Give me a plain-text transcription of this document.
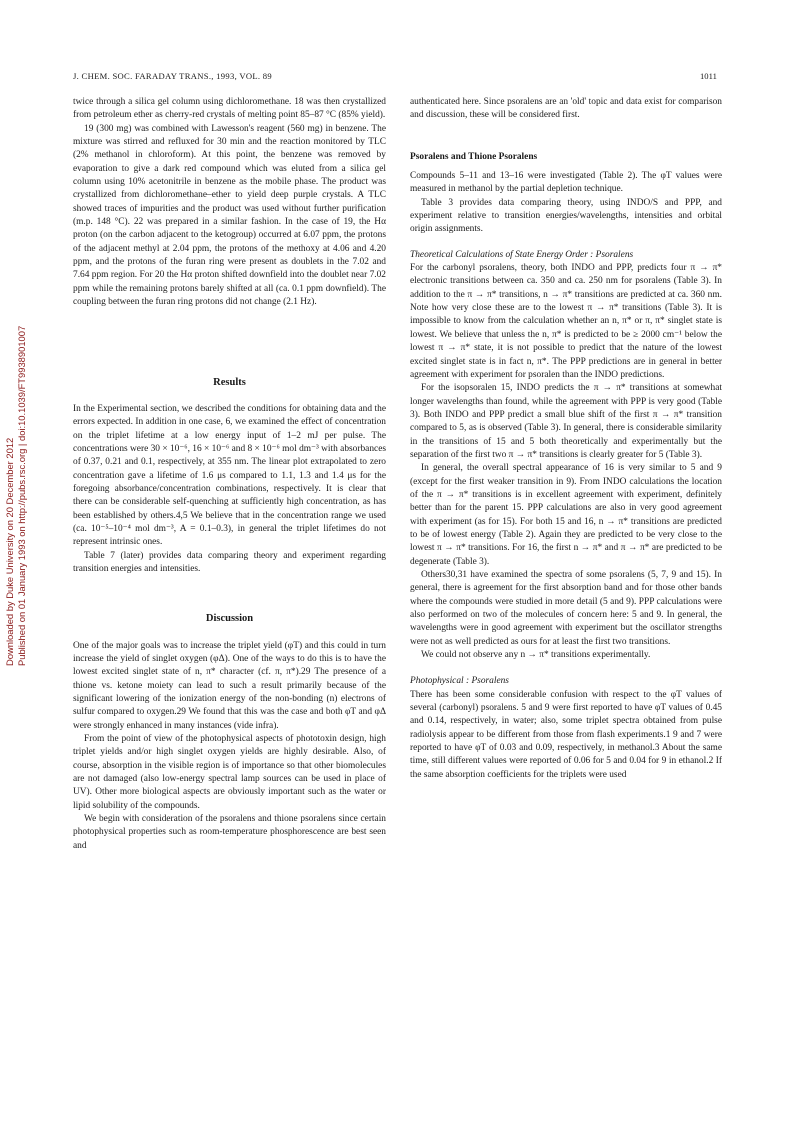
J. CHEM. SOC. FARADAY TRANS., 1993, VOL. 89	1011
Downloaded by Duke University on 20 December 2012 Published on 01 January 1993 on http://pubs.rsc.org | doi:10.1039/FT9938901007

twice through a silica gel column using dichloromethane. 18 was then crystallized from petroleum ether as cherry-red crystals of melting point 85–87 °C (85% yield).

19 (300 mg) was combined with Lawesson's reagent (560 mg) in benzene. The mixture was stirred and refluxed for 30 min and the reaction monitored by TLC (2% methanol in chloroform). At this point, the benzene was removed by evaporation to give a dark red compound which was eluted from a silica gel column using 10% acetonitrile in benzene as the mobile phase. The product was crystallized from dichloromethane–ether to yield deep purple crystals. A TLC showed traces of impurities and the product was used without further purification (m.p. 148 °C). 22 was prepared in a similar fashion. In the case of 19, the Hα proton (on the carbon adjacent to the ketogroup) occurred at 6.07 ppm, the protons of the adjacent methyl at 2.04 ppm, the protons of the methoxy at 4.06 and 4.20 ppm, and the protons of the furan ring were present as doublets in the 7.02 and 7.64 ppm region. For 20 the Hα proton shifted downfield into the doublet near 7.02 ppm while the remaining protons barely shifted at all (ca. 0.1 ppm downfield). The coupling between the furan ring protons did not change (2.1 Hz).

Results

In the Experimental section, we described the conditions for obtaining data and the errors expected. In addition in one case, 6, we examined the effect of concentration on the triplet lifetime at a low energy input of 1–2 mJ per pulse. The concentrations were 30 × 10⁻⁶, 16 × 10⁻⁶ and 8 × 10⁻⁶ mol dm⁻³ with absorbances of 0.37, 0.21 and 0.1, respectively, at 355 nm. The linear plot extrapolated to zero concentration gave a lifetime of 1.6 μs compared to 1.1, 1.3 and 1.4 μs for the foregoing absorbance/concentration combinations, respectively. It is clear that there can be considerable self-quenching at sufficiently high concentration, as has been established by others.4,5 We believe that in the concentration range we used (ca. 10⁻⁵–10⁻⁴ mol dm⁻³, A = 0.1–0.3), in general the triplet lifetimes do not represent intrinsic ones.

Table 7 (later) provides data comparing theory and experiment regarding transition energies and intensities.

Discussion

One of the major goals was to increase the triplet yield (φT) and this could in turn increase the yield of singlet oxygen (φΔ). One of the ways to do this is to have the lowest excited singlet state of n, π* character (cf. π, π*).29 The presence of a thione vs. ketone moiety can lead to such a result primarily because of the significant lowering of the ionization energy of the non-bonding (n) electrons of sulfur compared to oxygen.29 We found that this was the case and both φT and φΔ were strongly enhanced in many instances (vide infra).

From the point of view of the photophysical aspects of phototoxin design, high triplet yields and/or high singlet oxygen yields are highly desirable. Also, of course, absorption in the visible region is of importance so that other biomolecules are not damaged (also low-energy spectral lamp sources can be used in place of UV). Other more biological aspects are obviously important such as the water or lipid solubility of the compounds.

We begin with consideration of the psoralens and thione psoralens since certain photophysical properties such as room-temperature phosphorescence are best seen and

authenticated here. Since psoralens are an 'old' topic and data exist for comparison and discussion, these will be considered first.

Psoralens and Thione Psoralens

Compounds 5–11 and 13–16 were investigated (Table 2). The φT values were measured in methanol by the partial depletion technique.

Table 3 provides data comparing theory, using INDO/S and PPP, and experiment relative to transition energies/wavelengths, intensities and orbital origin assignments.

Theoretical Calculations of State Energy Order : Psoralens

For the carbonyl psoralens, theory, both INDO and PPP, predicts four π → π* electronic transitions between ca. 350 and ca. 250 nm for psoralens (Table 3). In addition to the π → π* transitions, n → π* transitions are predicted at ca. 360 nm. Note how very close these are to the lowest π → π* transitions (Table 3). It is impossible to know from the calculation whether an n, π* or π, π* singlet state is lowest. We believe that unless the n, π* is predicted to be ≥ 2000 cm⁻¹ below the lowest π → π* state, it is not possible to predict that the nature of the lowest excited singlet state is in fact n, π*. The PPP predictions are in general in better agreement with experiment for psoralen than the INDO predictions.

For the isopsoralen 15, INDO predicts the π → π* transitions at somewhat longer wavelengths than found, while the agreement with PPP is very good (Table 3). Both INDO and PPP predict a small blue shift of the first π → π* transition compared to 5, as is observed (Table 3). In general, there is considerable similarity in the transitions of 15 and 5 both theoretically and experimentally but the separation of the first two π → π* transitions is clearly greater for 5 (Table 3).

In general, the overall spectral appearance of 16 is very similar to 5 and 9 (except for the first weaker transition in 9). From INDO calculations the location of the π → π* transitions is in excellent agreement with experiment, definitely better than for the parent 15. PPP calculations are also in very good agreement with experiment (as for 15). For both 15 and 16, n → π* transitions are predicted to be of lowest energy (Table 2). Again they are predicted to be very close to the lowest π → π* transitions. For 16, the first n → π* and π → π* are predicted to be degenerate (Table 3).

Others30,31 have examined the spectra of some psoralens (5, 7, 9 and 15). In general, there is agreement for the first absorption band and for those other bands where the compounds were studied in more detail (5 and 9). PPP calculations were also performed on two of the molecules of concern here: 5 and 9. In general, the wavelengths were in good agreement with experiment but the oscillator strengths were not as well predicted as ours for at least the first two transitions.

We could not observe any n → π* transitions experimentally.

Photophysical : Psoralens

There has been some considerable confusion with respect to the φT values of several (carbonyl) psoralens. 5 and 9 were first reported to have φT values of 0.45 and 0.14, respectively, in water; also, some triplet spectra obtained from pulse radiolysis appear to be different from those from flash experiments.1 9 and 7 were reported to have φT of 0.03 and 0.09, respectively, in methanol.3 About the same time, still different values were reported of 0.06 for 5 and 0.04 for 9 in ethanol.2 If the same absorption coefficients for the triplets were used
